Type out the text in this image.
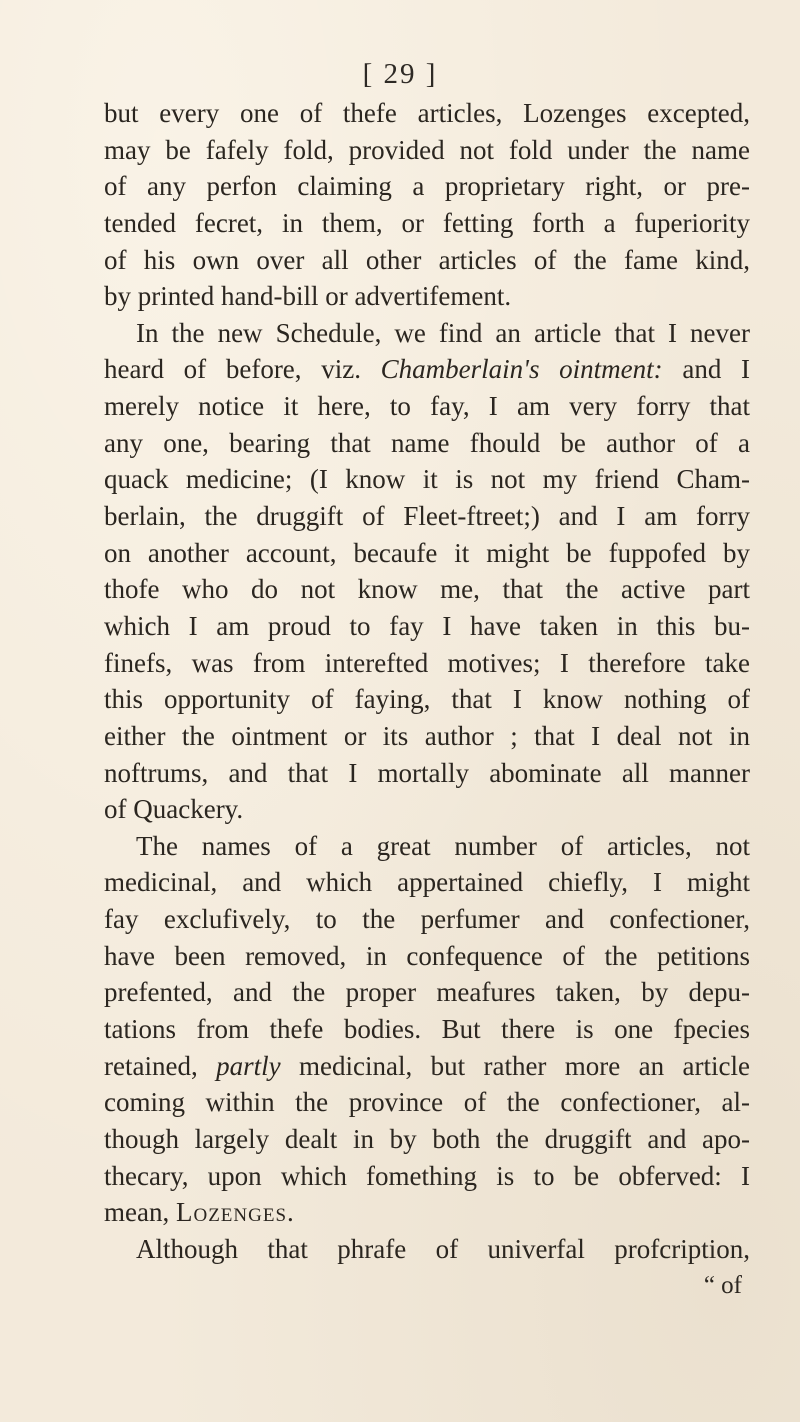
[ 29 ]
but every one of thefe articles, Lozenges excepted,
may be fafely fold, provided not fold under the name
of any perfon claiming a proprietary right, or pre-
tended fecret, in them, or fetting forth a fuperiority
of his own over all other articles of the fame kind,
by printed hand-bill or advertifement.
In the new Schedule, we find an article that I never
heard of before, viz. Chamberlain's ointment: and I
merely notice it here, to fay, I am very forry that
any one, bearing that name fhould be author of a
quack medicine; (I know it is not my friend Cham-
berlain, the druggift of Fleet-ftreet;) and I am forry
on another account, becaufe it might be fuppofed by
thofe who do not know me, that the active part
which I am proud to fay I have taken in this bu-
finefs, was from interefted motives; I therefore take
this opportunity of faying, that I know nothing of
either the ointment or its author ; that I deal not in
noftrums, and that I mortally abominate all manner
of Quackery.
The names of a great number of articles, not
medicinal, and which appertained chiefly, I might
fay exclufively, to the perfumer and confectioner,
have been removed, in confequence of the petitions
prefented, and the proper meafures taken, by depu-
tations from thefe bodies. But there is one fpecies
retained, partly medicinal, but rather more an article
coming within the province of the confectioner, al-
though largely dealt in by both the druggift and apo-
thecary, upon which fomething is to be obferved: I
mean, Lozenges.
Although that phrafe of univerfal profcription,
“ of
